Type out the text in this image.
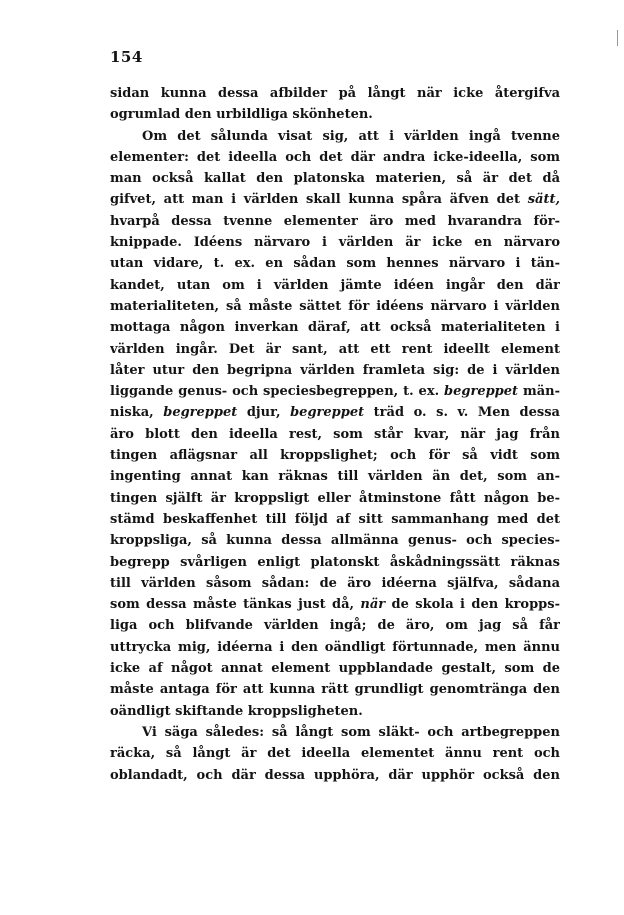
154
sidan kunna dessa afbilder på långt när icke återgifva
ogrumlad den urbildliga skönheten.
Om det sålunda visat sig, att i världen ingå tvenne
elementer: det ideella och det där andra icke-ideella, som
man också kallat den platonska materien, så är det då
gifvet, att man i världen skall kunna spåra äfven det sätt,
hvarpå dessa tvenne elementer äro med hvarandra för-
knippade. Idéens närvaro i världen är icke en närvaro
utan vidare, t. ex. en sådan som hennes närvaro i tän-
kandet, utan om i världen jämte idéen ingår den där
materialiteten, så måste sättet för idéens närvaro i världen
mottaga någon inverkan däraf, att också materialiteten i
världen ingår. Det är sant, att ett rent ideellt element
låter utur den begripna världen framleta sig: de i världen
liggande genus- och speciesbegreppen, t. ex. begreppet män-
niska, begreppet djur, begreppet träd o. s. v. Men dessa
äro blott den ideella rest, som står kvar, när jag från
tingen aflägsnar all kroppslighet; och för så vidt som
ingenting annat kan räknas till världen än det, som an-
tingen själft är kroppsligt eller åtminstone fått någon be-
stämd beskaffenhet till följd af sitt sammanhang med det
kroppsliga, så kunna dessa allmänna genus- och species-
begrepp svårligen enligt platonskt åskådningssätt räknas
till världen såsom sådan: de äro idéerna själfva, sådana
som dessa måste tänkas just då, när de skola i den kropps-
liga och blifvande världen ingå; de äro, om jag så får
uttrycka mig, idéerna i den oändligt förtunnade, men ännu
icke af något annat element uppblandade gestalt, som de
måste antaga för att kunna rätt grundligt genomtränga den
oändligt skiftande kroppsligheten.
Vi säga således: så långt som släkt- och artbegreppen
räcka, så långt är det ideella elementet ännu rent och
oblandadt, och där dessa upphöra, där upphör också den
